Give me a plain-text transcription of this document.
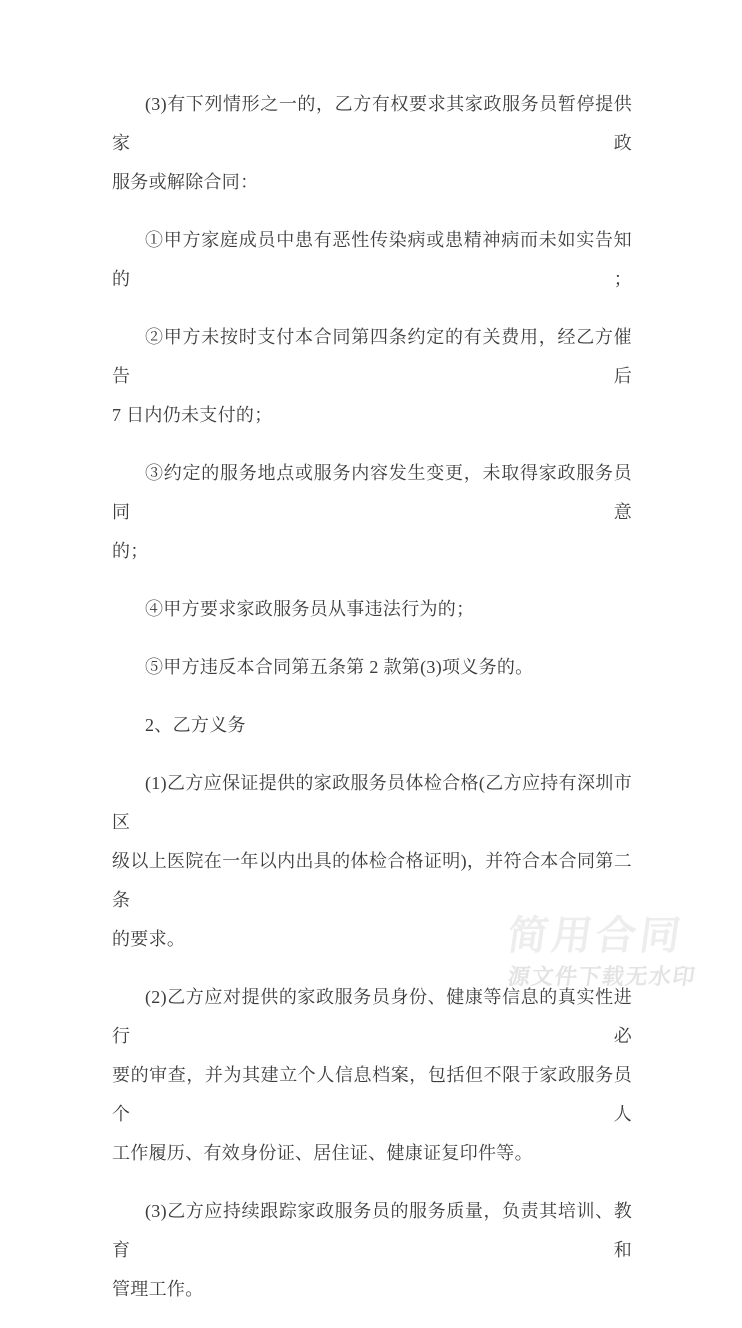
(3)有下列情形之一的，乙方有权要求其家政服务员暂停提供家政
服务或解除合同：

①甲方家庭成员中患有恶性传染病或患精神病而未如实告知的；

②甲方未按时支付本合同第四条约定的有关费用，经乙方催告后
7 日内仍未支付的；

③约定的服务地点或服务内容发生变更，未取得家政服务员同意
的；

④甲方要求家政服务员从事违法行为的；

⑤甲方违反本合同第五条第 2 款第(3)项义务的。

2、乙方义务

(1)乙方应保证提供的家政服务员体检合格(乙方应持有深圳市区
级以上医院在一年以内出具的体检合格证明)，并符合本合同第二条
的要求。

(2)乙方应对提供的家政服务员身份、健康等信息的真实性进行必
要的审查，并为其建立个人信息档案，包括但不限于家政服务员个人
工作履历、有效身份证、居住证、健康证复印件等。

(3)乙方应持续跟踪家政服务员的服务质量，负责其培训、教育和
管理工作。

简用合同
源文件下载无水印
